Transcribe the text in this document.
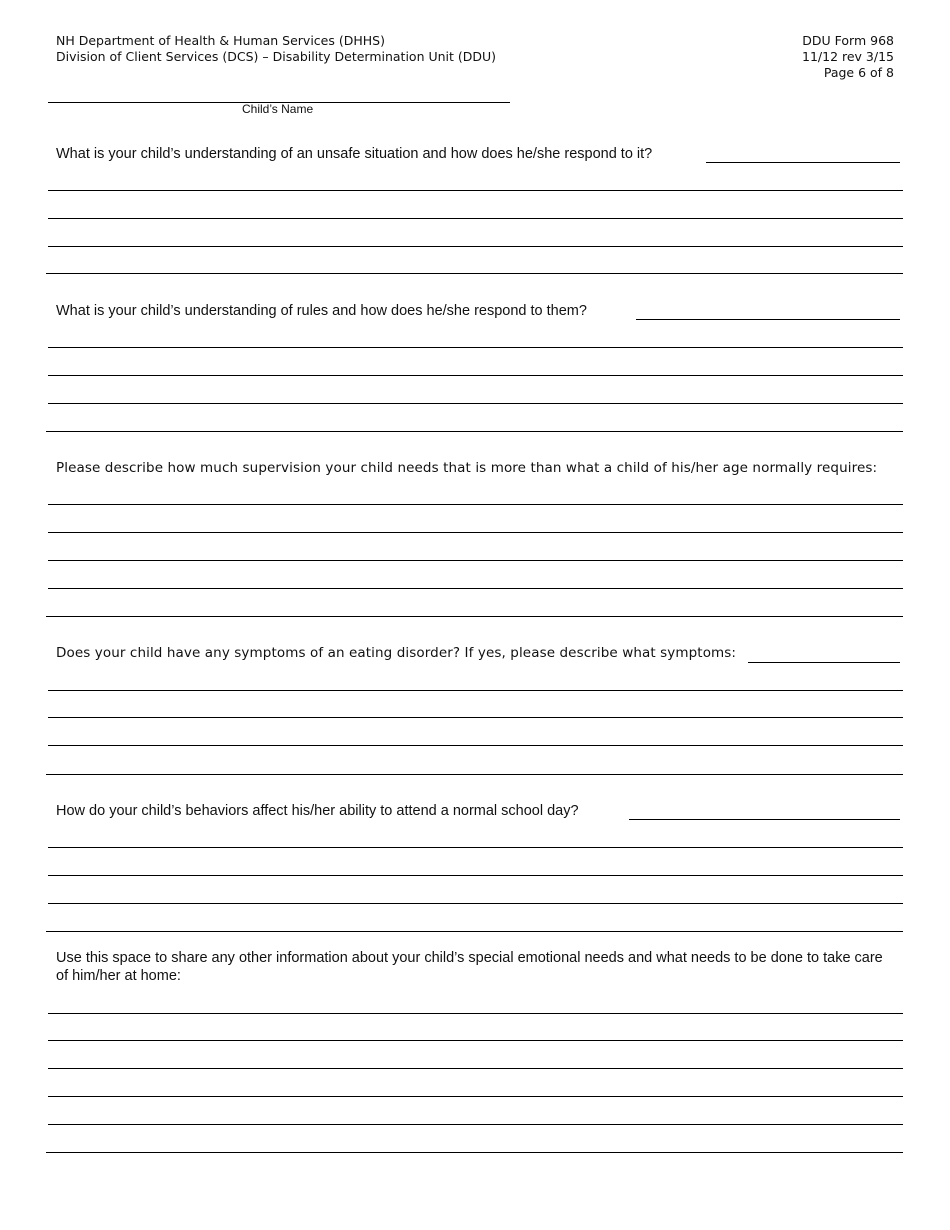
NH Department of Health & Human Services (DHHS)
Division of Client Services (DCS) – Disability Determination Unit (DDU)
DDU Form 968
11/12 rev 3/15
Page 6 of 8
Child’s Name
What is your child’s understanding of an unsafe situation and how does he/she respond to it?
What is your child’s understanding of rules and how does he/she respond to them?
Please describe how much supervision your child needs that is more than what a child of his/her age normally requires:
Does your child have any symptoms of an eating disorder? If yes, please describe what symptoms:
How do your child’s behaviors affect his/her ability to attend a normal school day?
Use this space to share any other information about your child’s special emotional needs and what needs to be done to take care of him/her at home:
